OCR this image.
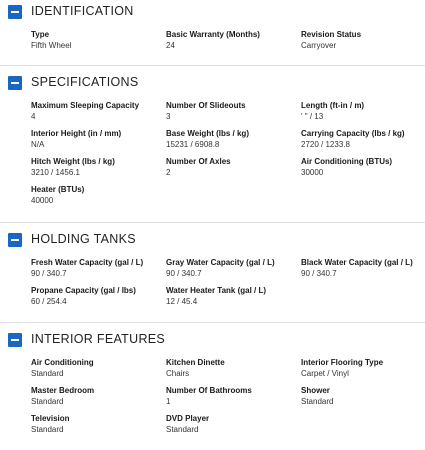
IDENTIFICATION
Type
Fifth Wheel
Basic Warranty (Months)
24
Revision Status
Carryover
SPECIFICATIONS
Maximum Sleeping Capacity
4
Number Of Slideouts
3
Length (ft-in / m)
' " / 13
Interior Height (in / mm)
N/A
Base Weight (lbs / kg)
15231 / 6908.8
Carrying Capacity (lbs / kg)
2720 / 1233.8
Hitch Weight (lbs / kg)
3210 / 1456.1
Number Of Axles
2
Air Conditioning (BTUs)
30000
Heater (BTUs)
40000
HOLDING TANKS
Fresh Water Capacity (gal / L)
90 / 340.7
Gray Water Capacity (gal / L)
90 / 340.7
Black Water Capacity (gal / L)
90 / 340.7
Propane Capacity (gal / lbs)
60 / 254.4
Water Heater Tank (gal / L)
12 / 45.4
INTERIOR FEATURES
Air Conditioning
Standard
Kitchen Dinette
Chairs
Interior Flooring Type
Carpet / Vinyl
Master Bedroom
Standard
Number Of Bathrooms
1
Shower
Standard
Television
Standard
DVD Player
Standard
